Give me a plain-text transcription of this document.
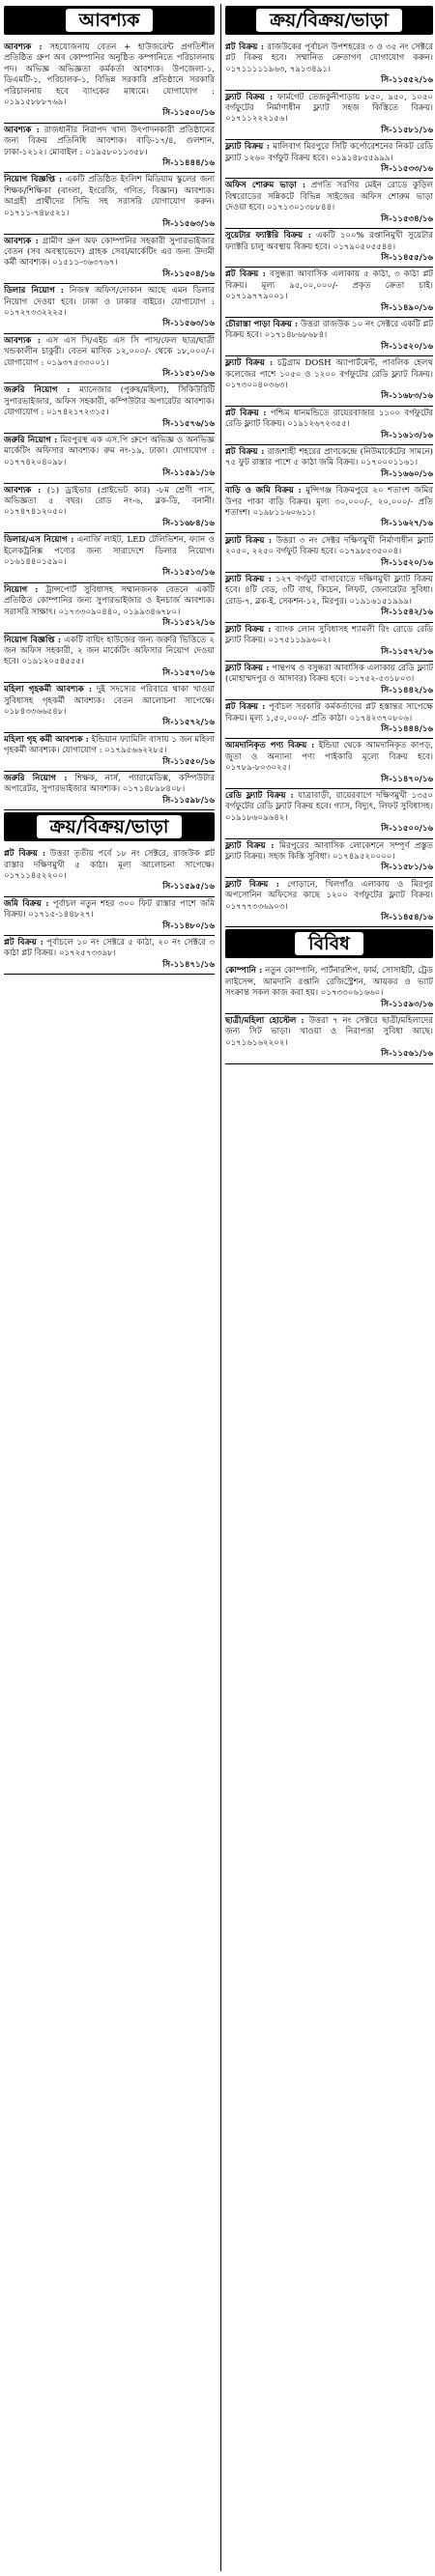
আবশ্যক

আবশ্যক : সহযোজনায় বেতন + হাউজরেন্ট প্রগতিশীল প্রতিষ্ঠিত গ্রুপ অব কোম্পানির অনুষ্ঠিত কম্পানিতে পরিচালনায় পদ। অভিজ্ঞ অভিজ্ঞতা কর্মকর্তা আবশ্যক। উপজেলা-১, ডিএমটি-১, পরিচালক-১, বিভিন্ন সরকারি প্রতিষ্ঠানে সরকারি পরিচালনায় হবে ব্যাংকের মাধ্যমে। যোগাযোগ : ০১৯১৫৮৮৮৭৬৯।
সি-১১৫০০/১৬

আবশ্যক : রাজধানীর নিরাপদ খাদ্য উৎপাদনকারী প্রতিষ্ঠানের জন্য বিক্রয় প্রতিনিধি আবশ্যক। বাড়ি-১৭/৪, গুলশান, ঢাকা-১২১২। মোবাইল : ০১৯৫৮০১১৩৫৮।
সি-১১৪৪৪/১৬

নিয়োগ বিজ্ঞপ্তি : একটি প্রতিষ্ঠিত ইংলিশ মিডিয়াম স্কুলের জন্য শিক্ষক/শিক্ষিকা (বাংলা, ইংরেজি, গণিত, বিজ্ঞান) আবশ্যক। আগ্রহী প্রার্থীদের সিভি সহ সরাসরি যোগাযোগ করুন। ০১৭১১-৭৪৮৫২১।
সি-১১৫৬৩/১৬

আবশ্যক : গ্রামীণ গ্রুপ অফ কোম্পানির সহকারী সুপারভাইজার বেতন (সব অবস্থাভেদে) গ্রাহক সেবা/মার্কেটিং এর জন্য উদ্যমী কর্মী আবশ্যক। ০১৫১১-৩৬৩৭৬৭।
সি-১১৫০৪/১৬

ডিলার নিয়োগ : নিজস্ব অফিস/দোকান আছে এমন ডিলার নিয়োগ দেওয়া হবে। ঢাকা ও ঢাকার বাইরে। যোগাযোগ : ০১৭২৭৩৩২২২৫।
সি-১১৫৬৩/১৬

আবশ্যক : এস এস সি/এইচ এস সি পাস/ফেল ছাত্র/ছাত্রী খন্ডকালীন চাকুরী। বেতন মাসিক ১২,০০০/- থেকে ১৮,০০০/-। যোগাযোগ : ০১৯৩৭৫৩৩০০১।
সি-১১৫১০/১৬

জরুরি নিয়োগ : ম্যানেজার (পুরুষ/মহিলা), সিকিউরিটি সুপারভাইজার, অফিস সহকারী, কম্পিউটার অপারেটর আবশ্যক। যোগাযোগ : ০১৭৪২১৭২৩১৫।
সি-১১৫৭৬/১৬

জরুরি নিয়োগ : মিরপুরস্থ এক এস.পি গ্রুপে অভিজ্ঞ ও অনভিজ্ঞ মার্কেটিং অফিসার আবশ্যক। রুম নং-১৯, ঢাকা। যোগাযোগ : ০১৭৭৪২০৪০৯৮।
সি-১১৫৯১/১৬

আবশ্যক : (১) ড্রাইভার (প্রাইভেট কার) -৮ম শ্রেণী পাস, অভিজ্ঞতা ৫ বছর। রোড নং-৬, ব্লক-ডি, বনানী। ০১৭৪৭৪১২০৫০।
সি-১১৬৮৪/১৬

ডিলার/এস নিয়োগ : এনার্জি লাইট, LED টেলিভিশন, ফ্যান ও ইলেকট্রনিক্স পণ্যের জন্য সারাদেশে ডিলার নিয়োগ। ০১৬১৪৪০১৫৯০।
সি-১১৫১৩/১৬

নিয়োগ : ট্রান্সপোর্ট সুবিধাসহ সম্মানজনক বেতনে একটি প্রতিষ্ঠিত কোম্পানির জন্য সুপারভাইজার ও ইনচার্জ আবশ্যক। সরাসরি সাক্ষাৎ। ০১৭৩৩০৯০৪৪০, ০১৯৯৩৪৬৭৮০।
সি-১১৫১২/১৬

নিয়োগ বিজ্ঞপ্তি : একটি বায়িং হাউজের জন্য জরুরি ভিত্তিতে ২ জন অফিস সহকারী, ২ জন মার্কেটিং অফিসার নিয়োগ দেওয়া হবে। ০১৯১২০৫৪৫৫৫।
সি-১১৫৭০/১৬

মহিলা গৃহকর্মী আবশ্যক : দুই সদস্যের পরিবারে থাকা খাওয়া সুবিধাসহ গৃহকর্মী আবশ্যক। বেতন আলোচনা সাপেক্ষে। ০১৮৪৩৩৬৬৫৪৮।
সি-১১৫৭২/১৬

মহিলা গৃহ কর্মী আবশ্যক : ইন্ডিয়ান ফ্যামিলি বাসায় ১ জন মহিলা গৃহকর্মী আবশ্যক। যোগাযোগ : ০১৭৯৫৬৬২২৮৫।
সি-১১৫৫০/১৬

জরুরি নিয়োগ : শিক্ষক, নার্স, প্যারামেডিক্স, কম্পিউটার অপারেটর, সুপারভাইজার আবশ্যক। ০১৭১৪৮৯৮৪০৮।
সি-১১৫৯৮/১৬

ক্রয়/বিক্রয়/ভাড়া

প্লট বিক্রয় : উত্তরা তৃতীয় পর্বে ১৮ নং সেক্টরে, রাজউক প্লট রাস্তার দক্ষিণমুখী ৫ কাঠা। মূল্য আলোচনা সাপেক্ষে। ০১৭১১৪৫২২০০।
সি-১১৫৯৫/১৬

জমি বিক্রয় : পূর্বাচল নতুন শহর ৩০০ ফিট রাস্তার পাশে জমি বিক্রয়। ০১৭১৫-১৪৪৮২৭।
সি-১১৪৮০/১৬

প্লট বিক্রয় : পূর্বাচলে ১০ নং সেক্টরে ৫ কাঠা, ২০ নং সেক্টরে ৩ কাঠা প্লট বিক্রয়। ০১৭২৫৭৩৩৯৮।
সি-১১৪৭১/১৬

ক্রয়/বিক্রয়/ভাড়া

প্লট বিক্রয় : রাজউকের পূর্বাচল উপশহরের ৩ ও ৩৫ নং সেক্টরে প্লট বিক্রয় হবে। সম্মানিত ক্রেতাগণ যোগাযোগ করুন। ০১৭১১১১১৯৬৩, ৭৯১৩৪৯১।
সি-১১৫৫২/১৬

ফ্ল্যাট বিক্রয় : ফার্মগেট তেজকুনীপাড়ায় ৮৫০, ৯৫০, ১০৫০ বর্গফুটের নির্মাণাধীন ফ্ল্যাট সহজ কিস্তিতে বিক্রয়। ০১৭১১২২২১৫৬।
সি-১১৫৮১/১৬

ফ্ল্যাট বিক্রয় : মালিবাগ মিরপুরে সিটি কর্পোরেশনের নিকট রেডি ফ্ল্যাট ১২৬০ বর্গফুট বিক্রয় হবে। ০১৯১৪৮৫৫৯৯৯।
সি-১১৫৩৩/১৬

অফিস শোরুম ভাড়া : প্রগতি সরণির মেইন রোডে কুড়িল বিশ্বরোডের সন্নিকটে বিভিন্ন সাইজের অফিস শোরুম ভাড়া দেওয়া হবে। ০১৭১৩০১৩৮৮৪৪।
সি-১১৫৩৪/১৬

সুয়েটার ফ্যাক্টরি বিক্রয় : একটি ১০০% রপ্তানিমুখী সুয়েটার ফ্যাক্টরি চালু অবস্থায় বিক্রয় হবে। ০১৭৯০৫০৫৫৪৪।
সি-১১৪৫৫/১৬

প্লট বিক্রয় : বসুন্ধরা আবাসিক এলাকায় ৫ কাঠা, ৩ কাঠা প্লট বিক্রয়। মূল্য ৯৫,০০,০০০/- প্রকৃত ক্রেতা চাই। ০১৭১৯৭৭৯০০১।
সি-১১৪৯০/১৬

চৌরাস্তা পাড়া বিক্রয় : উত্তরা রাজউক ১০ নং সেক্টরে একটি প্লট বিক্রয় হবে। ০১৭১৪৮৬৮৬৮৪।
সি-১১৫২০/১৬

ফ্ল্যাট বিক্রয় : চট্টগ্রাম DOSH অ্যাপার্টমেন্ট, পাবলিক হেলথ কলেজের পাশে ১০৫০ ও ১২০০ বর্গফুটের রেডি ফ্ল্যাট বিক্রয়। ০১৭৩০০৪০৩৬৩।
সি-১১৬৮৩/১৬

প্লট বিক্রয় : পশ্চিম ধানমন্ডিতে রায়েরবাজার ১১০০ বর্গফুটের রেডি ফ্ল্যাট বিক্রয়। ০১৯১২৬৭২৩৫৫।
সি-১১৬১৩/১৬

প্লট বিক্রয় : রাজশাহী শহরের প্রাণকেন্দ্রে (নিউমার্কেটের সামনে) ৭৫ ফুট রাস্তার পাশে ৫ কাঠা জমি বিক্রয়। ০১৭০০০১১৬১।
সি-১১৬৬০/১৬

বাড়ি ও জমি বিক্রয় : মুন্সিগঞ্জ বিক্রমপুরে ২০ শতাংশ জমির উপর পাকা বাড়ি বিক্রয়। মূল্য ৩০,০০০/-, ২০,০০০/- প্রতি শতাংশ। ০১৯৮১১৬০৬১১।
সি-১১৬২৭/১৬

ফ্ল্যাট বিক্রয় : উত্তরা ৩ নং সেক্টর দক্ষিণমুখী নির্মাণাধীন ফ্ল্যাট ২০৫০, ২২৫০ বর্গফুট বিক্রয় হবে। ০১৭৯৮৫৩৫০০৪।
সি-১১৫২০/১৬

ফ্ল্যাট বিক্রয় : ১২৭ বর্গফুট বাসাবোতে দক্ষিণমুখী ফ্ল্যাট বিক্রয় হবে। ৪টি বেড, ৩টি বাথ, কিচেন, লিফট, জেনারেটর সুবিধা। রোড-৭, ব্লক-ই, সেকশন-১২, মিরপুর। ০১৯১৬১৫১৯৯৯।
সি-১১৫৪২/১৬

ফ্ল্যাট বিক্রয় : ব্যাংক লোন সুবিধাসহ শ্যামলী রিং রোডে রেডি ফ্ল্যাট বিক্রয়। ০১৭৫১১৯৯৬০২।
সি-১১৫৭২/১৬

ফ্ল্যাট বিক্রয় : পান্থপথ ও বসুন্ধরা আবাসিক এলাকায় রেডি ফ্ল্যাট (মোহাম্মদপুর ও আদাবর) বিক্রয় হবে। ০১৭৫২-৫৩১৮০৩।
সি-১১৪৪২/১৬

প্লট বিক্রয় : পূর্বাচল সরকারি কর্মকর্তাদের প্লট হস্তান্তর সাপেক্ষে বিক্রয়। মূল্য ১,৫০,০০০/- প্রতি কাঠা। ০১৭৪২৩৭০৮০৬।
সি-১১৪৪৪/১৬

আমদানিকৃত পণ্য বিক্রয় : ইন্ডিয়া থেকে আমদানিকৃত কাপড়, জুতা ও অন্যান্য পণ্য পাইকারি মূল্যে বিক্রয় হবে। ০১৭৮৯-৮০৩০২৫।
সি-১১৪৭০/১৬

রেডি ফ্ল্যাট বিক্রয় : যাত্রাবাড়ী, রায়েরবাগে দক্ষিণমুখী ১৩৫০ বর্গফুটের রেডি ফ্ল্যাট বিক্রয় হবে। গ্যাস, বিদ্যুৎ, লিফট সুবিধাসহ। ০১৯১৮৬০৯৬৪২।
সি-১১৫০০/১৬

ফ্ল্যাট বিক্রয় : মিরপুরের আবাসিক লোকেশনে সম্পূর্ণ প্রস্তুত ফ্ল্যাট বিক্রয়। সহজ কিস্তি সুবিধা। ০১৭৪৯৫২০০০০।
সি-১১৫৮১/১৬

ফ্ল্যাট বিক্রয় : গোড়ানে, খিলগাঁও এলাকায় ও মিরপুর অপসোনিন অফিসের কাছে ১২০০ বর্গফুটের ফ্ল্যাট বিক্রয়। ০১৭৭৭৩৩৬৯০৩।
সি-১১৪৫৪/১৬

বিবিধ

কোম্পানি : নতুন কোম্পানি, পার্টনারশিপ, ফার্ম, সোসাইটি, ট্রেড লাইসেন্স, আমদানি রপ্তানি রেজিস্ট্রেশন, আয়কর ও ভ্যাট সংক্রান্ত সকল কাজ করা হয়। ০১৭৩৩০৬১৬৬০।
সি-১১৫৯৩/১৬

ছাত্রী/মহিলা হোস্টেল : উত্তরা ৭ নং সেক্টরে ছাত্রী/মহিলাদের জন্য সিট ভাড়া। খাওয়া ও নিরাপত্তা সুবিধা আছে। ০১৭১৬১৬২২০২।
সি-১১৫৬১/১৬
